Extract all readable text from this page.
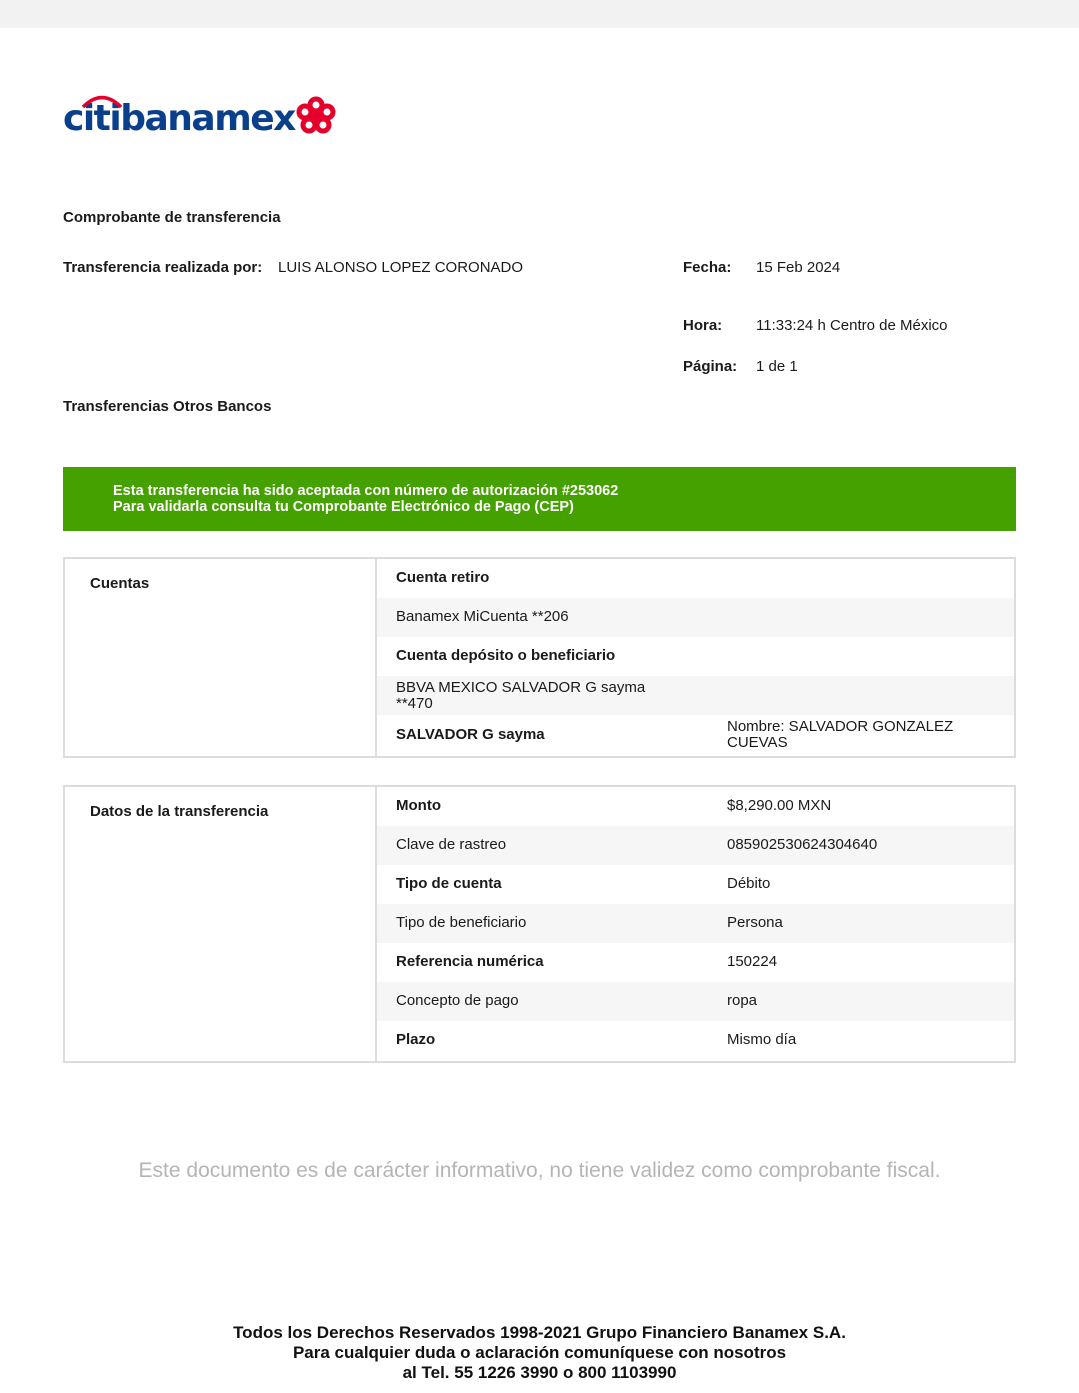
citi banamex
Comprobante de transferencia
Transferencia realizada por: LUIS ALONSO LOPEZ CORONADO	Fecha: 15 Feb 2024
Hora: 11:33:24 h Centro de México
Página: 1 de 1
Transferencias Otros Bancos
Esta transferencia ha sido aceptada con número de autorización #253062
Para validarla consulta tu Comprobante Electrónico de Pago (CEP)
Cuentas	Cuenta retiro
Banamex MiCuenta **206
Cuenta depósito o beneficiario
BBVA MEXICO SALVADOR G sayma **470
SALVADOR G sayma	Nombre: SALVADOR GONZALEZ CUEVAS
Datos de la transferencia	Monto	$8,290.00 MXN
Clave de rastreo	085902530624304640
Tipo de cuenta	Débito
Tipo de beneficiario	Persona
Referencia numérica	150224
Concepto de pago	ropa
Plazo	Mismo día
Este documento es de carácter informativo, no tiene validez como comprobante fiscal.
Todos los Derechos Reservados 1998-2021 Grupo Financiero Banamex S.A.
Para cualquier duda o aclaración comuníquese con nosotros
al Tel. 55 1226 3990 o 800 1103990
